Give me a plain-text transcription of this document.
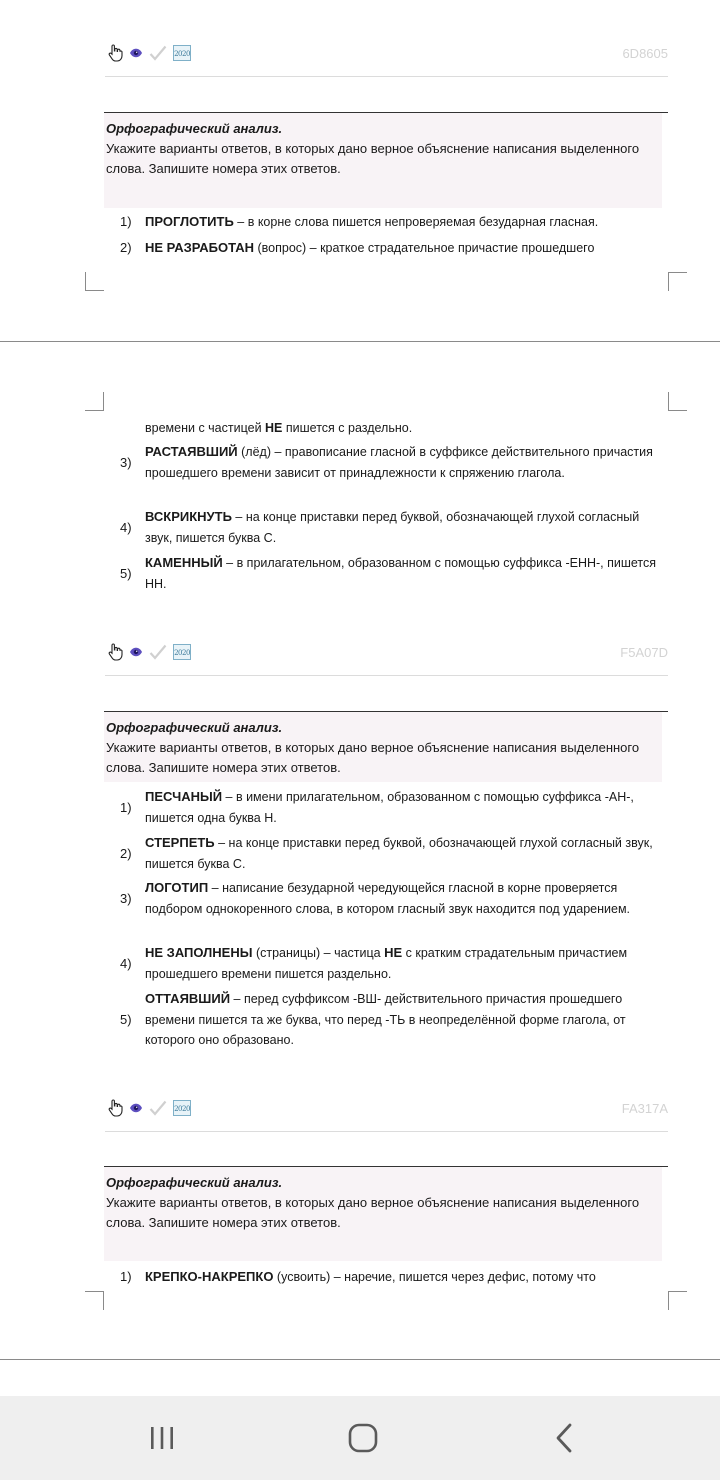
2020	6D8605
Орфографический анализ.
Укажите варианты ответов, в которых дано верное объяснение написания выделенного слова. Запишите номера этих ответов.
1)	ПРОГЛОТИТЬ – в корне слова пишется непроверяемая безударная гласная.
2)	НЕ РАЗРАБОТАН (вопрос) – краткое страдательное причастие прошедшего
времени с частицей НЕ пишется с раздельно.
3)
РАСТАЯВШИЙ (лёд) – правописание гласной в суффиксе действительного причастия прошедшего времени зависит от принадлежности к спряжению глагола.
4)
ВСКРИКНУТЬ – на конце приставки перед буквой, обозначающей глухой согласный звук, пишется буква С.
5)
КАМЕННЫЙ – в прилагательном, образованном с помощью суффикса -ЕНН-, пишется НН.
2020	F5A07D
Орфографический анализ.
Укажите варианты ответов, в которых дано верное объяснение написания выделенного слова. Запишите номера этих ответов.
1)
ПЕСЧАНЫЙ – в имени прилагательном, образованном с помощью суффикса -АН-, пишется одна буква Н.
2)
СТЕРПЕТЬ – на конце приставки перед буквой, обозначающей глухой согласный звук, пишется буква С.
3)
ЛОГОТИП – написание безударной чередующейся гласной в корне проверяется подбором однокоренного слова, в котором гласный звук находится под ударением.
4)
НЕ ЗАПОЛНЕНЫ (страницы) – частица НЕ с кратким страдательным причастием прошедшего времени пишется раздельно.
5)
ОТТАЯВШИЙ – перед суффиксом -ВШ- действительного причастия прошедшего времени пишется та же буква, что перед -ТЬ в неопределённой форме глагола, от которого оно образовано.
2020	FA317A
Орфографический анализ.
Укажите варианты ответов, в которых дано верное объяснение написания выделенного слова. Запишите номера этих ответов.
1)	КРЕПКО-НАКРЕПКО (усвоить) – наречие, пишется через дефис, потому что
